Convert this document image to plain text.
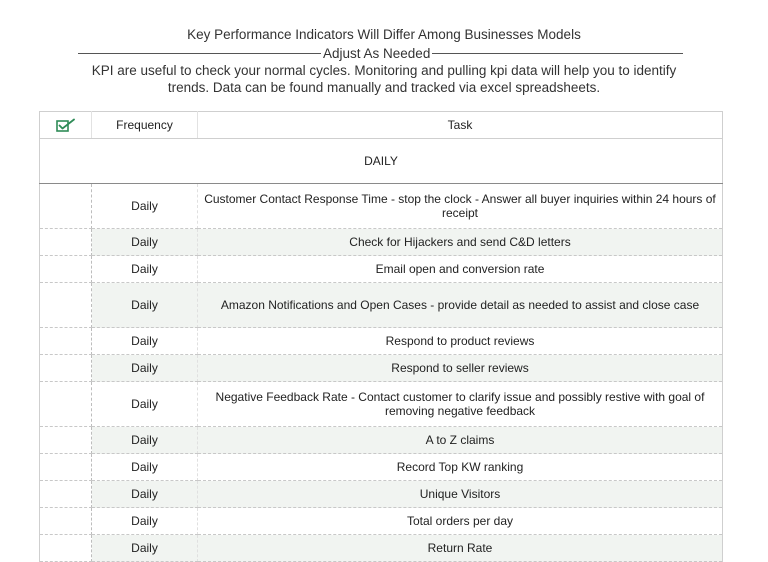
Key Performance Indicators Will Differ Among Businesses Models
Adjust As Needed
KPI are useful to check your normal cycles. Monitoring and pulling kpi data will help you to identify trends. Data can be found manually and tracked via excel spreadsheets.
	Frequency	Task
DAILY		
	Daily	Customer Contact Response Time - stop the clock - Answer all buyer inquiries within 24 hours of receipt
	Daily	Check for Hijackers and send C&D letters
	Daily	Email open and conversion rate
	Daily	Amazon Notifications and Open Cases - provide detail as needed to assist and close case
	Daily	Respond to product reviews
	Daily	Respond to seller reviews
	Daily	Negative Feedback Rate - Contact customer to clarify issue and possibly restive with goal of removing negative feedback
	Daily	A to Z claims
	Daily	Record Top KW ranking
	Daily	Unique Visitors
	Daily	Total orders per day
	Daily	Return Rate
